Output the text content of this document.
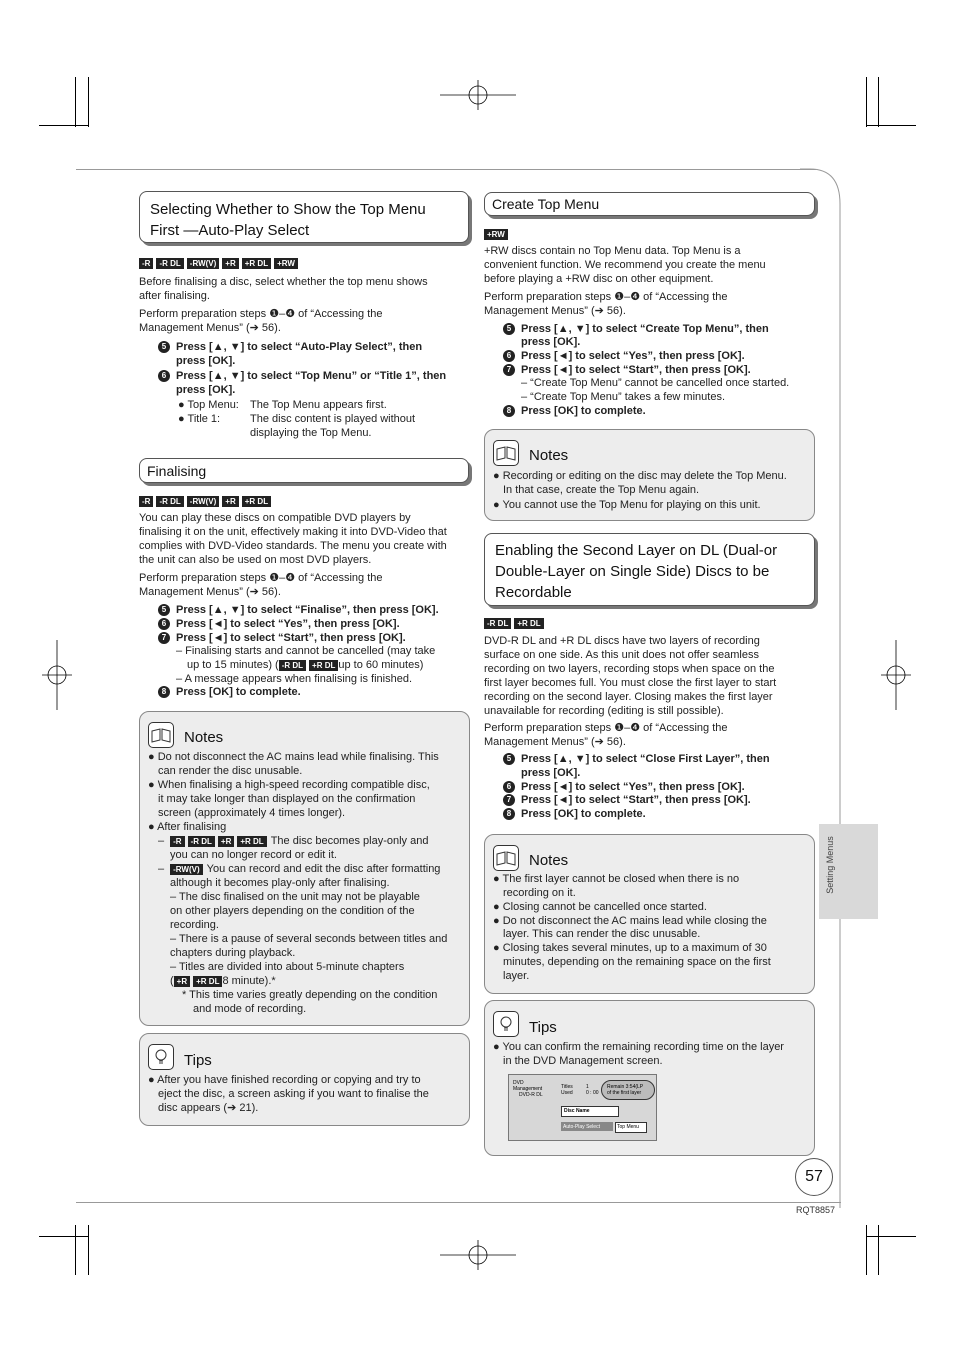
Selecting Whether to Show the Top Menu
First —Auto-Play Select
-R	-R DL	-RW(V)	+R	+R DL	+RW
Before finalising a disc, select whether the top menu shows
after finalising.
Perform preparation steps ❶–❹ of “Accessing the
Management Menus” (➔ 56).
5 Press [▲, ▼] to select “Auto-Play Select”, then
press [OK].
6 Press [▲, ▼] to select “Top Menu” or “Title 1”, then
press [OK].
● Top Menu: The Top Menu appears first.
● Title 1:	The disc content is played without
displaying the Top Menu.
Finalising
-R	-R DL	-RW(V)	+R	+R DL
You can play these discs on compatible DVD players by
finalising it on the unit, effectively making it into DVD-Video that
complies with DVD-Video standards. The menu you create with
the unit can also be used on most DVD players.
Perform preparation steps ❶–❹ of “Accessing the
Management Menus” (➔ 56).
5 Press [▲, ▼] to select “Finalise”, then press [OK].
6 Press [◄] to select “Yes”, then press [OK].
7 Press [◄] to select “Start”, then press [OK].
– Finalising starts and cannot be cancelled (may take
up to 15 minutes) ( -R DL	+R DL up to 60 minutes)
– A message appears when finalising is finished.
8 Press [OK] to complete.
Notes
● Do not disconnect the AC mains lead while finalising. This
can render the disc unusable.
● When finalising a high-speed recording compatible disc,
it may take longer than displayed on the confirmation
screen (approximately 4 times longer).
● After finalising
–	-R	-R DL	+R	+R DL The disc becomes play-only and
you can no longer record or edit it.
–	-RW(V) You can record and edit the disc after formatting
although it becomes play-only after finalising.
– The disc finalised on the unit may not be playable
on other players depending on the condition of the
recording.
– There is a pause of several seconds between titles and
chapters during playback.
– Titles are divided into about 5-minute chapters
( +R	+R DL 8 minute).*
* This time varies greatly depending on the condition
and mode of recording.
Tips
● After you have finished recording or copying and try to
eject the disc, a screen asking if you want to finalise the
disc appears (➔ 21).
Create Top Menu
+RW
+RW discs contain no Top Menu data. Top Menu is a
convenient function. We recommend you create the menu
before playing a +RW disc on other equipment.
Perform preparation steps ❶–❹ of “Accessing the
Management Menus” (➔ 56).
5 Press [▲, ▼] to select “Create Top Menu”, then
press [OK].
6 Press [◄] to select “Yes”, then press [OK].
7 Press [◄] to select “Start”, then press [OK].
– “Create Top Menu” cannot be cancelled once started.
– “Create Top Menu” takes a few minutes.
8 Press [OK] to complete.
Notes
● Recording or editing on the disc may delete the Top Menu.
In that case, create the Top Menu again.
● You cannot use the Top Menu for playing on this unit.
Enabling the Second Layer on DL (Dual-or
Double-Layer on Single Side) Discs to be
Recordable
-R DL	+R DL
DVD-R DL and +R DL discs have two layers of recording
surface on one side. As this unit does not offer seamless
recording on two layers, recording stops when space on the
first layer becomes full. You must close the first layer to start
recording on the second layer. Closing makes the first layer
unavailable for recording (editing is still possible).
Perform preparation steps ❶–❹ of “Accessing the
Management Menus” (➔ 56).
5 Press [▲, ▼] to select “Close First Layer”, then
press [OK].
6 Press [◄] to select “Yes”, then press [OK].
7 Press [◄] to select “Start”, then press [OK].
8 Press [OK] to complete.
Notes
● The first layer cannot be closed when there is no
recording on it.
● Closing cannot be cancelled once started.
● Do not disconnect the AC mains lead while closing the
layer. This can render the disc unusable.
● Closing takes several minutes, up to a maximum of 30
minutes, depending on the remaining space on the first
layer.
Tips
● You can confirm the remaining recording time on the layer
in the DVD Management screen.
DVD
Management
DVD-R DL
Titles	1
Used	0 : 00
Remain 3:54(LP
of the first layer
Disc Name
Auto-Play Select	Top Menu
Setting Menus
57
RQT8857
